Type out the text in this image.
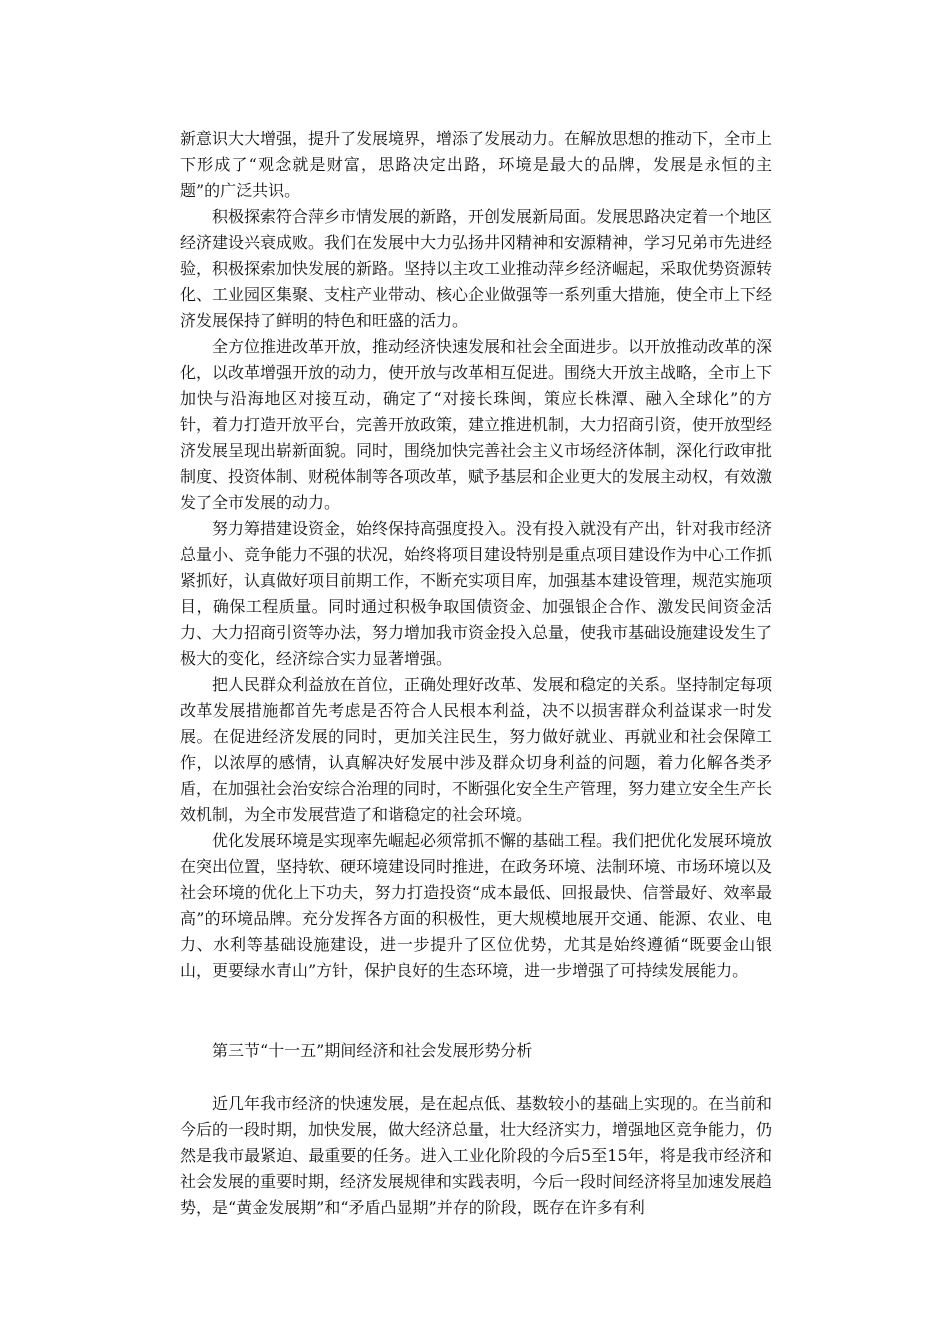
新意识大大增强，提升了发展境界，增添了发展动力。在解放思想的推动下，全市上下形成了“观念就是财富，思路决定出路，环境是最大的品牌，发展是永恒的主题”的广泛共识。

积极探索符合萍乡市情发展的新路，开创发展新局面。发展思路决定着一个地区经济建设兴衰成败。我们在发展中大力弘扬井冈精神和安源精神，学习兄弟市先进经验，积极探索加快发展的新路。坚持以主攻工业推动萍乡经济崛起，采取优势资源转化、工业园区集聚、支柱产业带动、核心企业做强等一系列重大措施，使全市上下经济发展保持了鲜明的特色和旺盛的活力。

全方位推进改革开放，推动经济快速发展和社会全面进步。以开放推动改革的深化，以改革增强开放的动力，使开放与改革相互促进。围绕大开放主战略，全市上下加快与沿海地区对接互动，确定了“对接长珠闽，策应长株潭、融入全球化”的方针，着力打造开放平台，完善开放政策，建立推进机制，大力招商引资，使开放型经济发展呈现出崭新面貌。同时，围绕加快完善社会主义市场经济体制，深化行政审批制度、投资体制、财税体制等各项改革，赋予基层和企业更大的发展主动权，有效激发了全市发展的动力。

努力筹措建设资金，始终保持高强度投入。没有投入就没有产出，针对我市经济总量小、竞争能力不强的状况，始终将项目建设特别是重点项目建设作为中心工作抓紧抓好，认真做好项目前期工作，不断充实项目库，加强基本建设管理，规范实施项目，确保工程质量。同时通过积极争取国债资金、加强银企合作、激发民间资金活力、大力招商引资等办法，努力增加我市资金投入总量，使我市基础设施建设发生了极大的变化，经济综合实力显著增强。

把人民群众利益放在首位，正确处理好改革、发展和稳定的关系。坚持制定每项改革发展措施都首先考虑是否符合人民根本利益，决不以损害群众利益谋求一时发展。在促进经济发展的同时，更加关注民生，努力做好就业、再就业和社会保障工作，以浓厚的感情，认真解决好发展中涉及群众切身利益的问题，着力化解各类矛盾，在加强社会治安综合治理的同时，不断强化安全生产管理，努力建立安全生产长效机制，为全市发展营造了和谐稳定的社会环境。

优化发展环境是实现率先崛起必须常抓不懈的基础工程。我们把优化发展环境放在突出位置，坚持软、硬环境建设同时推进，在政务环境、法制环境、市场环境以及社会环境的优化上下功夫，努力打造投资“成本最低、回报最快、信誉最好、效率最高”的环境品牌。充分发挥各方面的积极性，更大规模地展开交通、能源、农业、电力、水利等基础设施建设，进一步提升了区位优势，尤其是始终遵循“既要金山银山，更要绿水青山”方针，保护良好的生态环境，进一步增强了可持续发展能力。

第三节“十一五”期间经济和社会发展形势分析

近几年我市经济的快速发展，是在起点低、基数较小的基础上实现的。在当前和今后的一段时期，加快发展，做大经济总量，壮大经济实力，增强地区竞争能力，仍然是我市最紧迫、最重要的任务。进入工业化阶段的今后5至15年，将是我市经济和社会发展的重要时期，经济发展规律和实践表明，今后一段时间经济将呈加速发展趋势，是“黄金发展期”和“矛盾凸显期”并存的阶段，既存在许多有利
